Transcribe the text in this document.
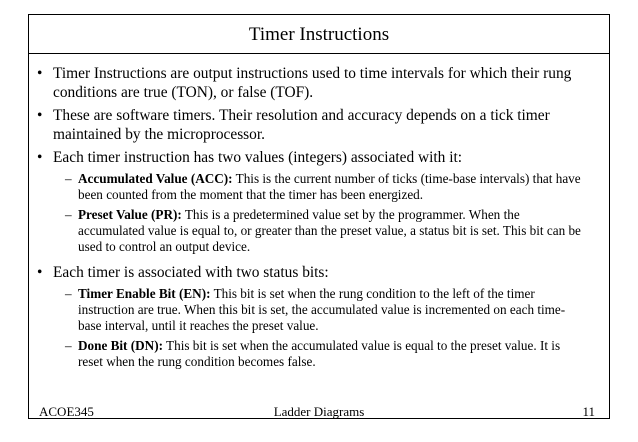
Timer Instructions
• Timer Instructions are output instructions used to time intervals for which their rung conditions are true (TON), or false (TOF).
• These are software timers. Their resolution and accuracy depends on a tick timer maintained by the microprocessor.
• Each timer instruction has two values (integers) associated with it:
– Accumulated Value (ACC): This is the current number of ticks (time-base intervals) that have been counted from the moment that the timer has been energized.
– Preset Value (PR): This is a predetermined value set by the programmer. When the accumulated value is equal to, or greater than the preset value, a status bit is set. This bit can be used to control an output device.
• Each timer is associated with two status bits:
– Timer Enable Bit (EN): This bit is set when the rung condition to the left of the timer instruction are true. When this bit is set, the accumulated value is incremented on each time-base interval, until it reaches the preset value.
– Done Bit (DN): This bit is set when the accumulated value is equal to the preset value. It is reset when the rung condition becomes false.
ACOE345	Ladder Diagrams	11
